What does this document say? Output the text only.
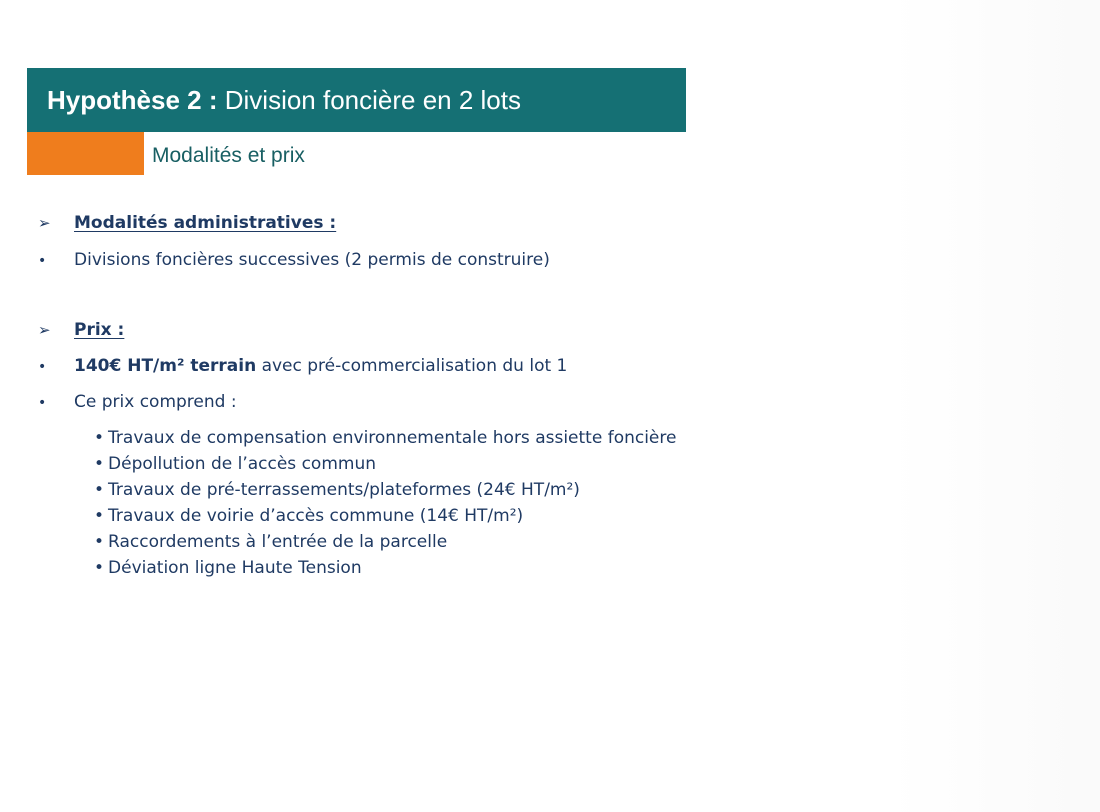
Hypothèse 2 :
Division foncière en 2 lots
Modalités et prix
➢	Modalités administratives :
•	Divisions foncières successives (2 permis de construire)
➢	Prix :
•	140€ HT/m² terrain avec pré-commercialisation du lot 1
•	Ce prix comprend :
• Travaux de compensation environnementale hors assiette foncière
• Dépollution de l’accès commun
• Travaux de pré-terrassements/plateformes (24€ HT/m²)
• Travaux de voirie d’accès commune (14€ HT/m²)
• Raccordements à l’entrée de la parcelle
• Déviation ligne Haute Tension
